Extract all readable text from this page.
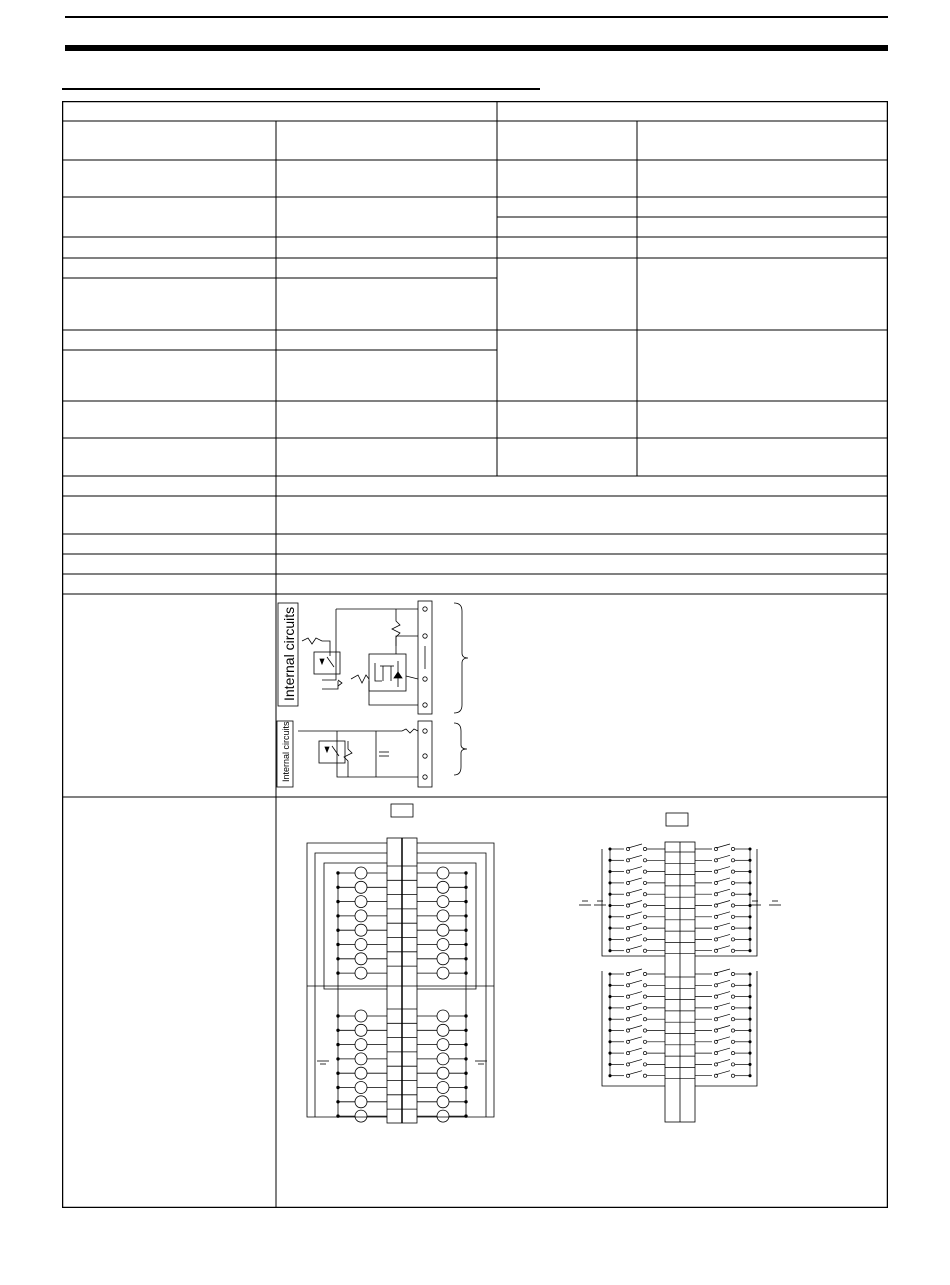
Internal circuits
Internal circuits
